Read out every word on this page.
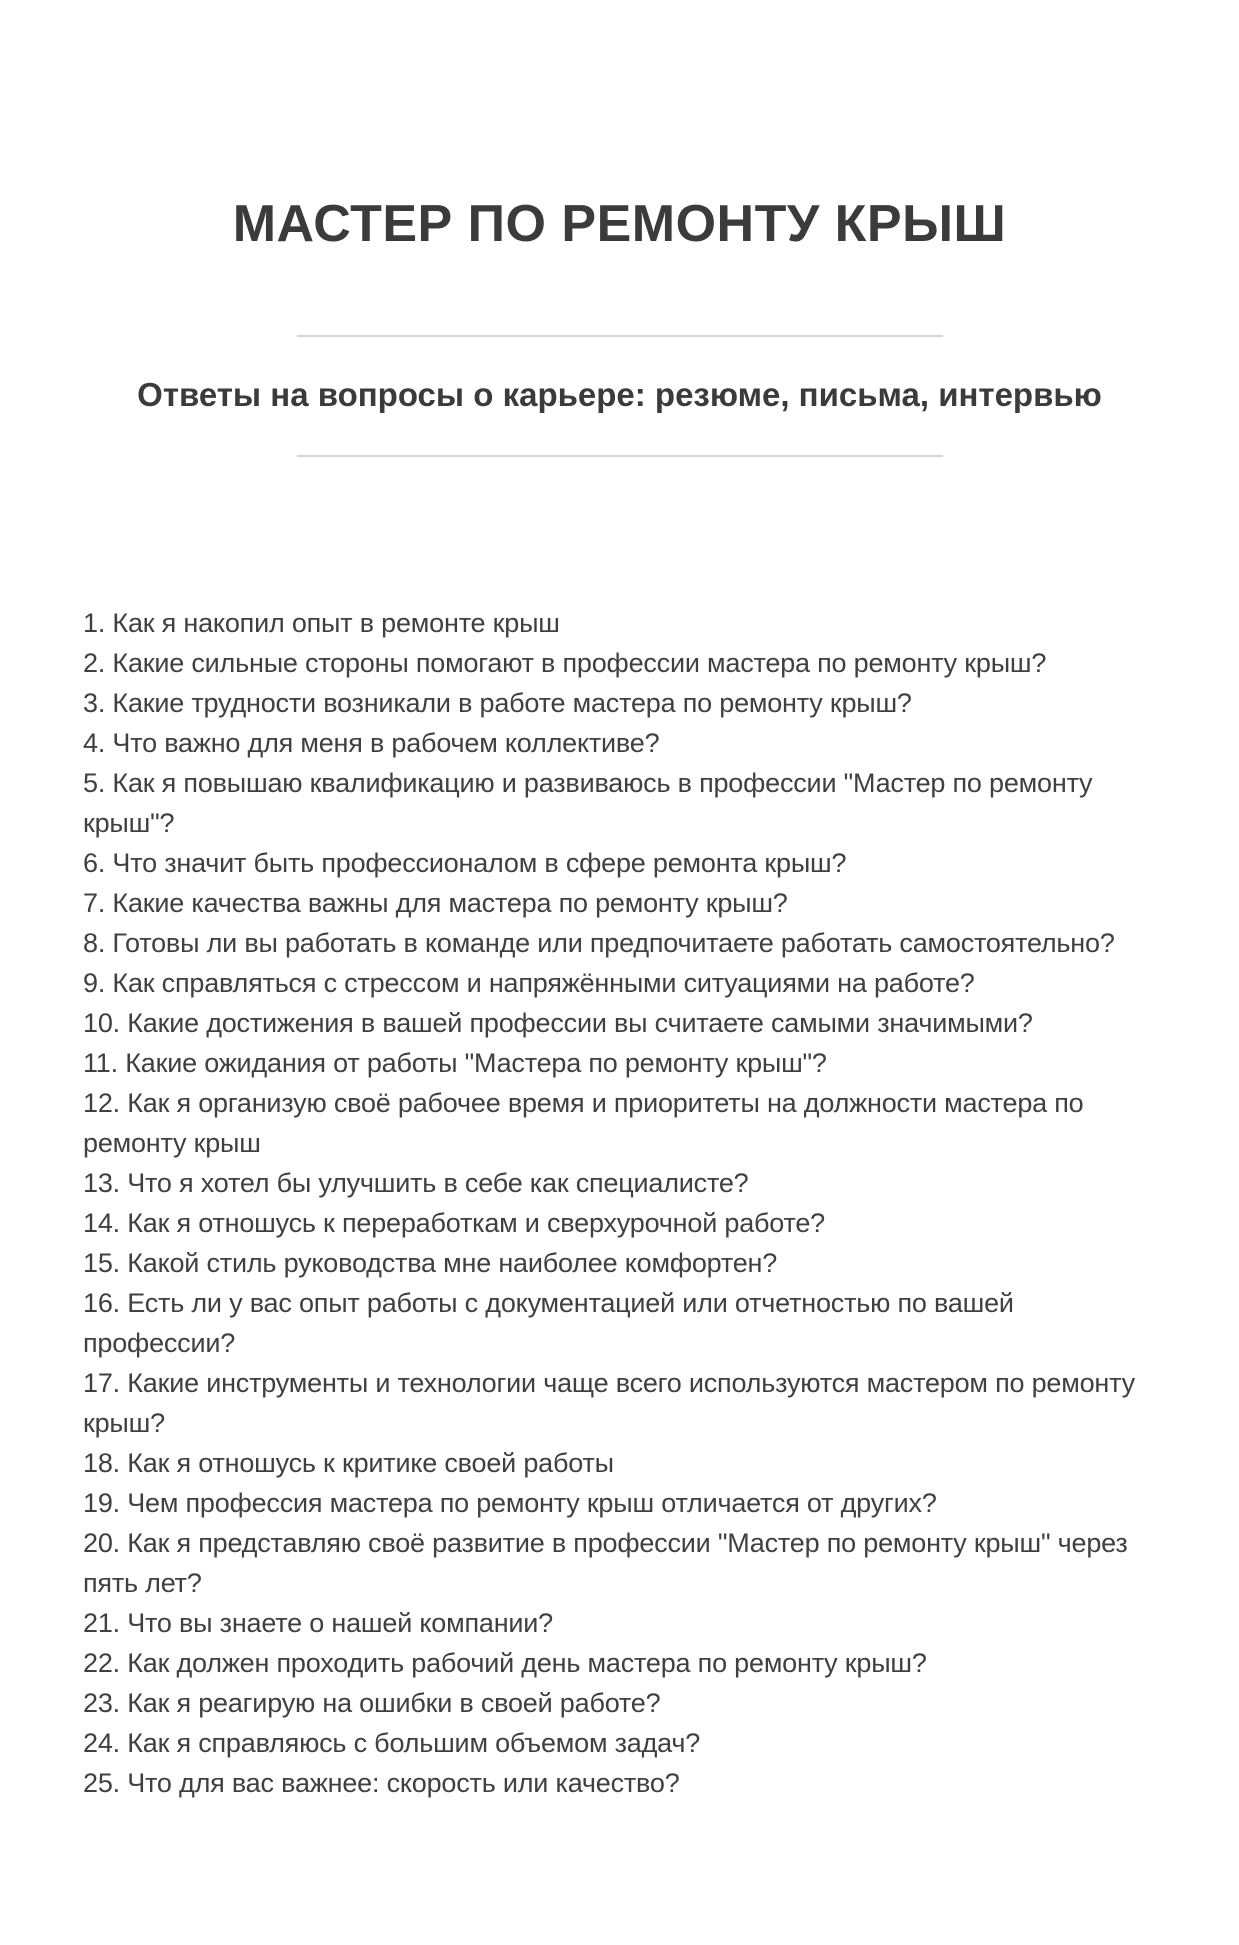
МАСТЕР ПО РЕМОНТУ КРЫШ
Ответы на вопросы о карьере: резюме, письма, интервью

1. Как я накопил опыт в ремонте крыш

2. Какие сильные стороны помогают в профессии мастера по ремонту крыш?

3. Какие трудности возникали в работе мастера по ремонту крыш?

4. Что важно для меня в рабочем коллективе?

5. Как я повышаю квалификацию и развиваюсь в профессии "Мастер по ремонту крыш"?

6. Что значит быть профессионалом в сфере ремонта крыш?

7. Какие качества важны для мастера по ремонту крыш?

8. Готовы ли вы работать в команде или предпочитаете работать самостоятельно?

9. Как справляться с стрессом и напряжёнными ситуациями на работе?

10. Какие достижения в вашей профессии вы считаете самыми значимыми?

11. Какие ожидания от работы "Мастера по ремонту крыш"?

12. Как я организую своё рабочее время и приоритеты на должности мастера по ремонту крыш

13. Что я хотел бы улучшить в себе как специалисте?

14. Как я отношусь к переработкам и сверхурочной работе?

15. Какой стиль руководства мне наиболее комфортен?

16. Есть ли у вас опыт работы с документацией или отчетностью по вашей профессии?

17. Какие инструменты и технологии чаще всего используются мастером по ремонту крыш?

18. Как я отношусь к критике своей работы

19. Чем профессия мастера по ремонту крыш отличается от других?

20. Как я представляю своё развитие в профессии "Мастер по ремонту крыш" через пять лет?

21. Что вы знаете о нашей компании?

22. Как должен проходить рабочий день мастера по ремонту крыш?

23. Как я реагирую на ошибки в своей работе?

24. Как я справляюсь с большим объемом задач?

25. Что для вас важнее: скорость или качество?
